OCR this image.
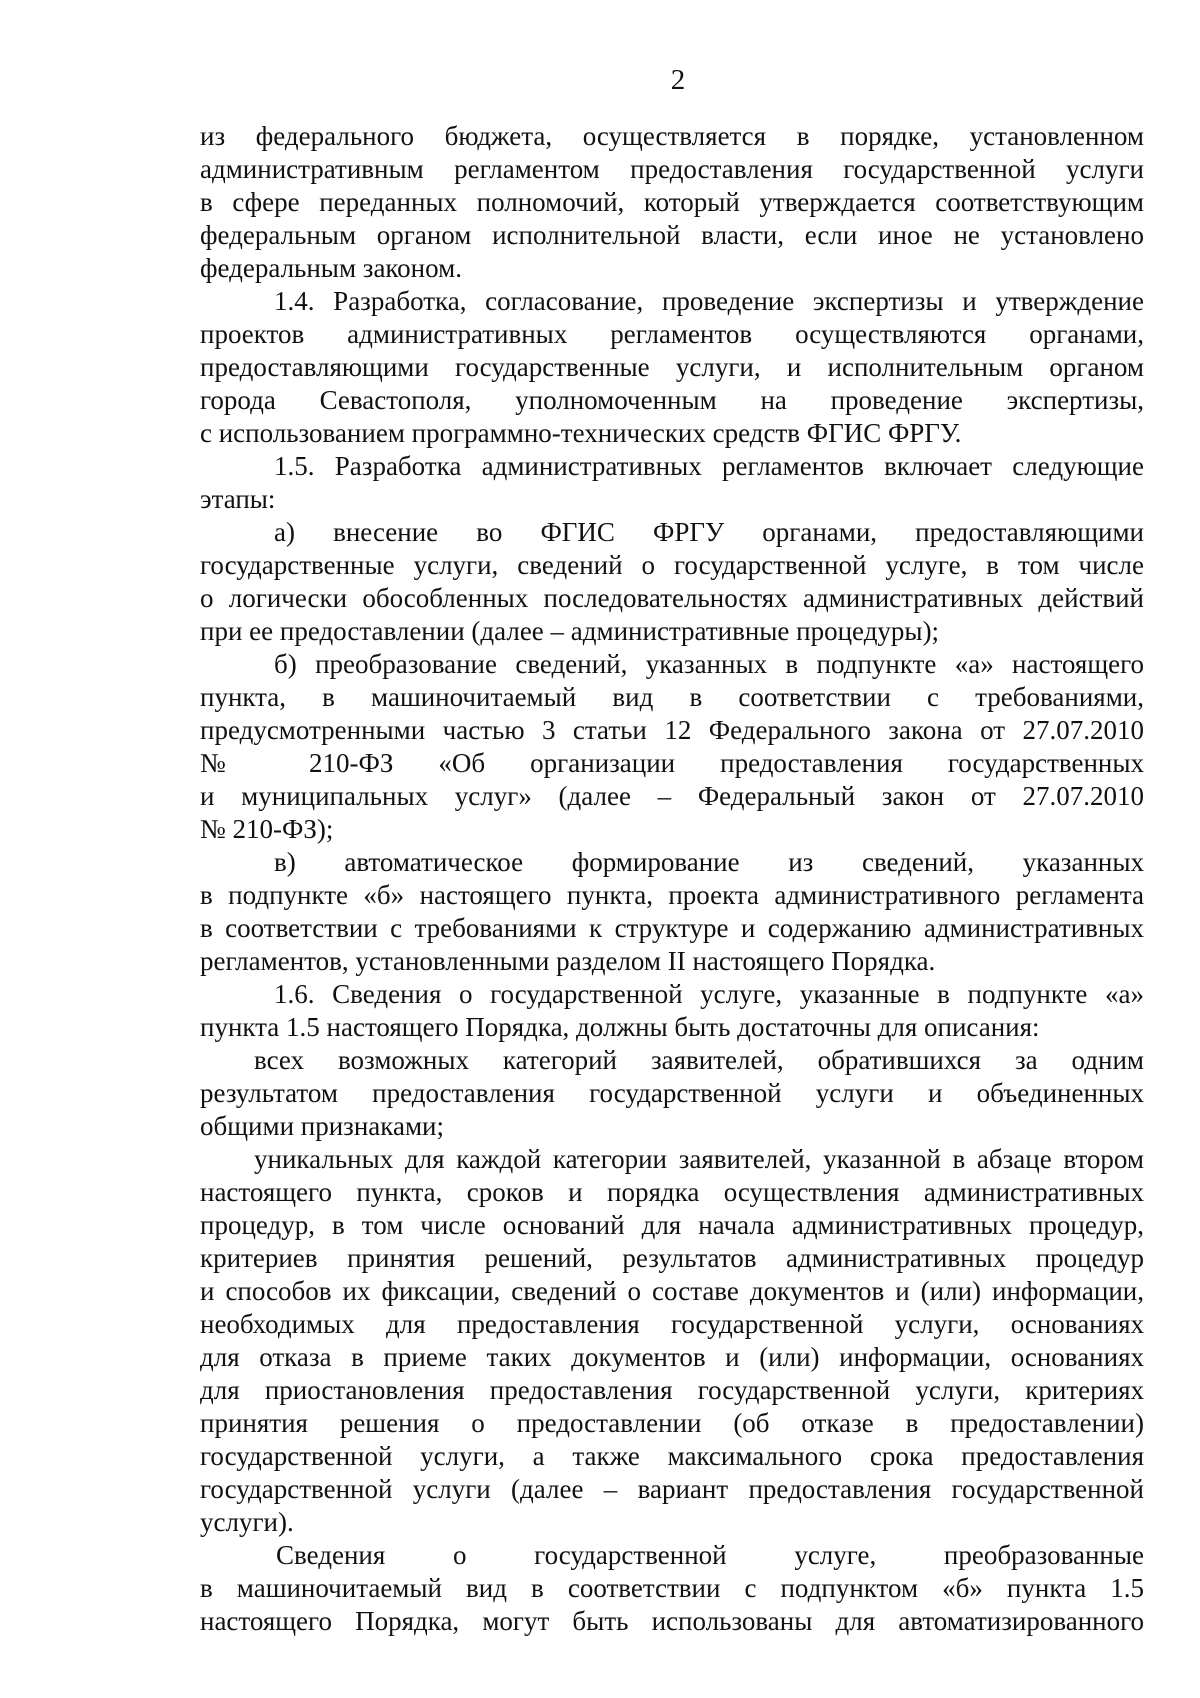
2
из федерального бюджета, осуществляется в порядке, установленном
административным регламентом предоставления государственной услуги
в сфере переданных полномочий, который утверждается соответствующим
федеральным органом исполнительной власти, если иное не установлено
федеральным законом.
1.4. Разработка, согласование, проведение экспертизы и утверждение
проектов административных регламентов осуществляются органами,
предоставляющими государственные услуги, и исполнительным органом
города Севастополя, уполномоченным на проведение экспертизы,
с использованием программно-технических средств ФГИС ФРГУ.
1.5. Разработка административных регламентов включает следующие
этапы:
а) внесение во ФГИС ФРГУ органами, предоставляющими
государственные услуги, сведений о государственной услуге, в том числе
о логически обособленных последовательностях административных действий
при ее предоставлении (далее – административные процедуры);
б) преобразование сведений, указанных в подпункте «а» настоящего
пункта, в машиночитаемый вид в соответствии с требованиями,
предусмотренными частью 3 статьи 12 Федерального закона от 27.07.2010
№ 210-ФЗ «Об организации предоставления государственных
и муниципальных услуг» (далее – Федеральный закон от 27.07.2010
№ 210-ФЗ);
в) автоматическое формирование из сведений, указанных
в подпункте «б» настоящего пункта, проекта административного регламента
в соответствии с требованиями к структуре и содержанию административных
регламентов, установленными разделом II настоящего Порядка.
1.6. Сведения о государственной услуге, указанные в подпункте «а»
пункта 1.5 настоящего Порядка, должны быть достаточны для описания:
всех возможных категорий заявителей, обратившихся за одним
результатом предоставления государственной услуги и объединенных
общими признаками;
уникальных для каждой категории заявителей, указанной в абзаце втором
настоящего пункта, сроков и порядка осуществления административных
процедур, в том числе оснований для начала административных процедур,
критериев принятия решений, результатов административных процедур
и способов их фиксации, сведений о составе документов и (или) информации,
необходимых для предоставления государственной услуги, основаниях
для отказа в приеме таких документов и (или) информации, основаниях
для приостановления предоставления государственной услуги, критериях
принятия решения о предоставлении (об отказе в предоставлении)
государственной услуги, а также максимального срока предоставления
государственной услуги (далее – вариант предоставления государственной
услуги).
Сведения о государственной услуге, преобразованные
в машиночитаемый вид в соответствии с подпунктом «б» пункта 1.5
настоящего Порядка, могут быть использованы для автоматизированного
